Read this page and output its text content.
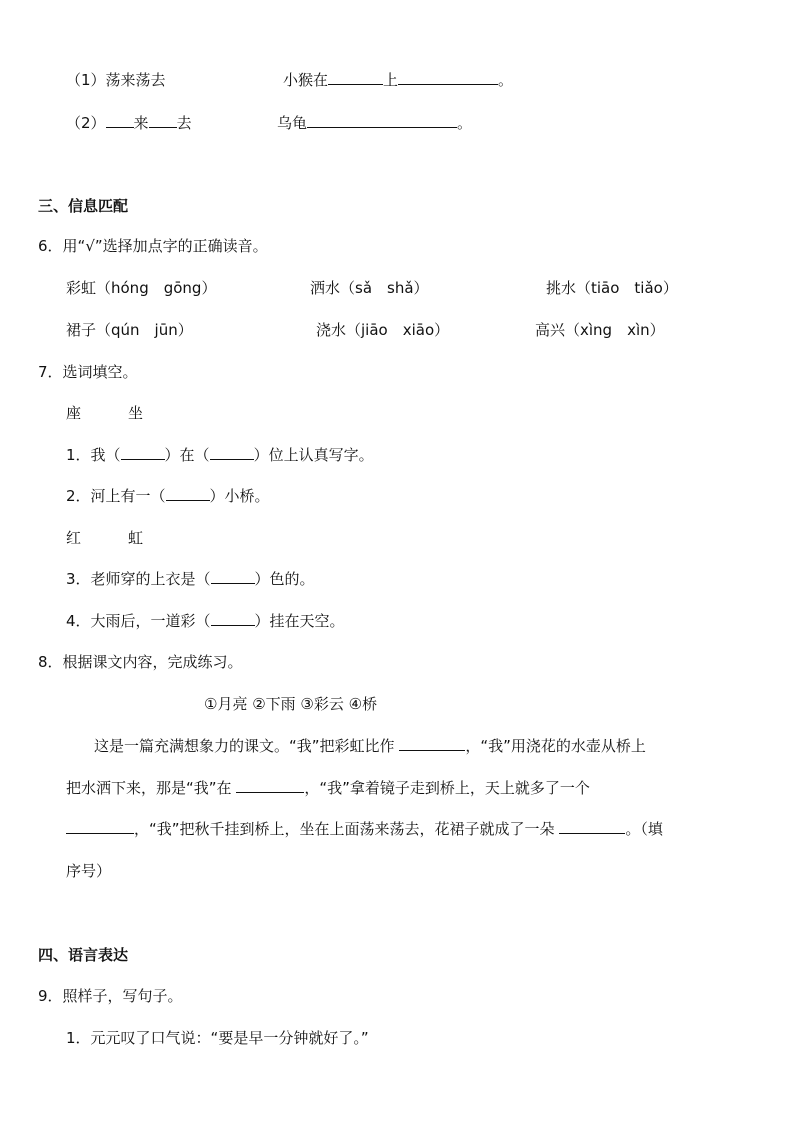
（1）荡来荡去	小猴在	上	。
（2） 来 去	乌龟	。
三、信息匹配
6．用“√”选择加点字的正确读音。
彩虹（hóng　gōng）	洒水（sǎ　shǎ）	挑水（tiāo　tiǎo）
裙子（qún　jūn）	浇水（jiāo　xiāo）	高兴（xìng　xìn）
7．选词填空。
座	坐
1．我（	）在（	）位上认真写字。
2．河上有一（	）小桥。
红	虹
3．老师穿的上衣是（	）色的。
4．大雨后，一道彩（	）挂在天空。
8．根据课文内容，完成练习。
①月亮 ②下雨 ③彩云 ④桥
这是一篇充满想象力的课文。“我”把彩虹比作	，“我”用浇花的水壶从桥上
把水洒下来，那是“我”在	，“我”拿着镜子走到桥上，天上就多了一个
，“我”把秋千挂到桥上，坐在上面荡来荡去，花裙子就成了一朵	。（填
序号）
四、语言表达
9．照样子，写句子。
1．元元叹了口气说：“要是早一分钟就好了。”
